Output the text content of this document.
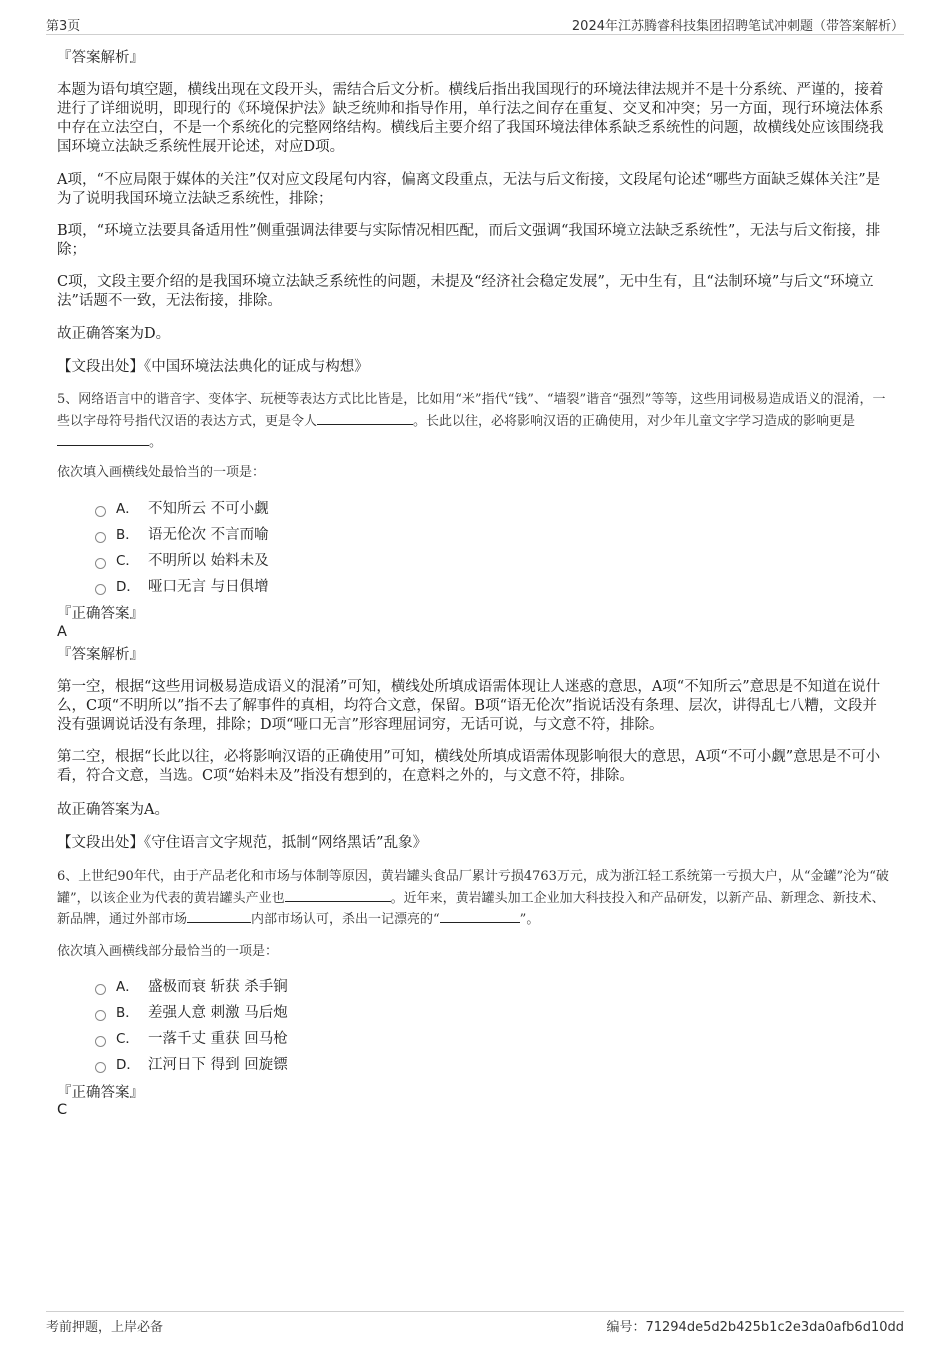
第3页	2024年江苏腾睿科技集团招聘笔试冲刺题（带答案解析）
『答案解析』
本题为语句填空题，横线出现在文段开头，需结合后文分析。横线后指出我国现行的环境法律法规并不是十分系统、严谨的，接着进行了详细说明，即现行的《环境保护法》缺乏统帅和指导作用，单行法之间存在重复、交叉和冲突；另一方面，现行环境法体系中存在立法空白，不是一个系统化的完整网络结构。横线后主要介绍了我国环境法律体系缺乏系统性的问题，故横线处应该围绕我国环境立法缺乏系统性展开论述，对应D项。
A项，“不应局限于媒体的关注”仅对应文段尾句内容，偏离文段重点，无法与后文衔接，文段尾句论述“哪些方面缺乏媒体关注”是为了说明我国环境立法缺乏系统性，排除；
B项，“环境立法要具备适用性”侧重强调法律要与实际情况相匹配，而后文强调“我国环境立法缺乏系统性”，无法与后文衔接，排除；
C项，文段主要介绍的是我国环境立法缺乏系统性的问题，未提及“经济社会稳定发展”，无中生有，且“法制环境”与后文“环境立法”话题不一致，无法衔接，排除。
故正确答案为D。
【文段出处】《中国环境法法典化的证成与构想》
5、网络语言中的谐音字、变体字、玩梗等表达方式比比皆是，比如用“米”指代“钱”、“墙裂”谐音“强烈”等等，这些用词极易造成语义的混淆，一些以字母符号指代汉语的表达方式，更是令人	。长此以往，必将影响汉语的正确使用，对少年儿童文字学习造成的影响更是
。
依次填入画横线处最恰当的一项是：
A． 不知所云 不可小觑
B． 语无伦次 不言而喻
C． 不明所以 始料未及
D． 哑口无言 与日俱增
『正确答案』
A
『答案解析』
第一空，根据“这些用词极易造成语义的混淆”可知，横线处所填成语需体现让人迷惑的意思，A项“不知所云”意思是不知道在说什么，C项“不明所以”指不去了解事件的真相，均符合文意，保留。B项“语无伦次”指说话没有条理、层次，讲得乱七八糟，文段并没有强调说话没有条理，排除；D项“哑口无言”形容理屈词穷，无话可说，与文意不符，排除。
第二空，根据“长此以往，必将影响汉语的正确使用”可知，横线处所填成语需体现影响很大的意思，A项“不可小觑”意思是不可小看，符合文意，当选。C项“始料未及”指没有想到的，在意料之外的，与文意不符，排除。
故正确答案为A。
【文段出处】《守住语言文字规范，抵制“网络黑话”乱象》
6、上世纪90年代，由于产品老化和市场与体制等原因，黄岩罐头食品厂累计亏损4763万元，成为浙江轻工系统第一亏损大户，从“金罐”沦为“破罐”，以该企业为代表的黄岩罐头产业也	。近年来，黄岩罐头加工企业加大科技投入和产品研发，以新产品、新理念、新技术、新品牌，通过外部市场	内部市场认可，杀出一记漂亮的“	”。
依次填入画横线部分最恰当的一项是：
A． 盛极而衰 斩获 杀手锏
B． 差强人意 刺激 马后炮
C． 一落千丈 重获 回马枪
D． 江河日下 得到 回旋镖
『正确答案』
C
考前押题，上岸必备	编号：71294de5d2b425b1c2e3da0afb6d10dd
